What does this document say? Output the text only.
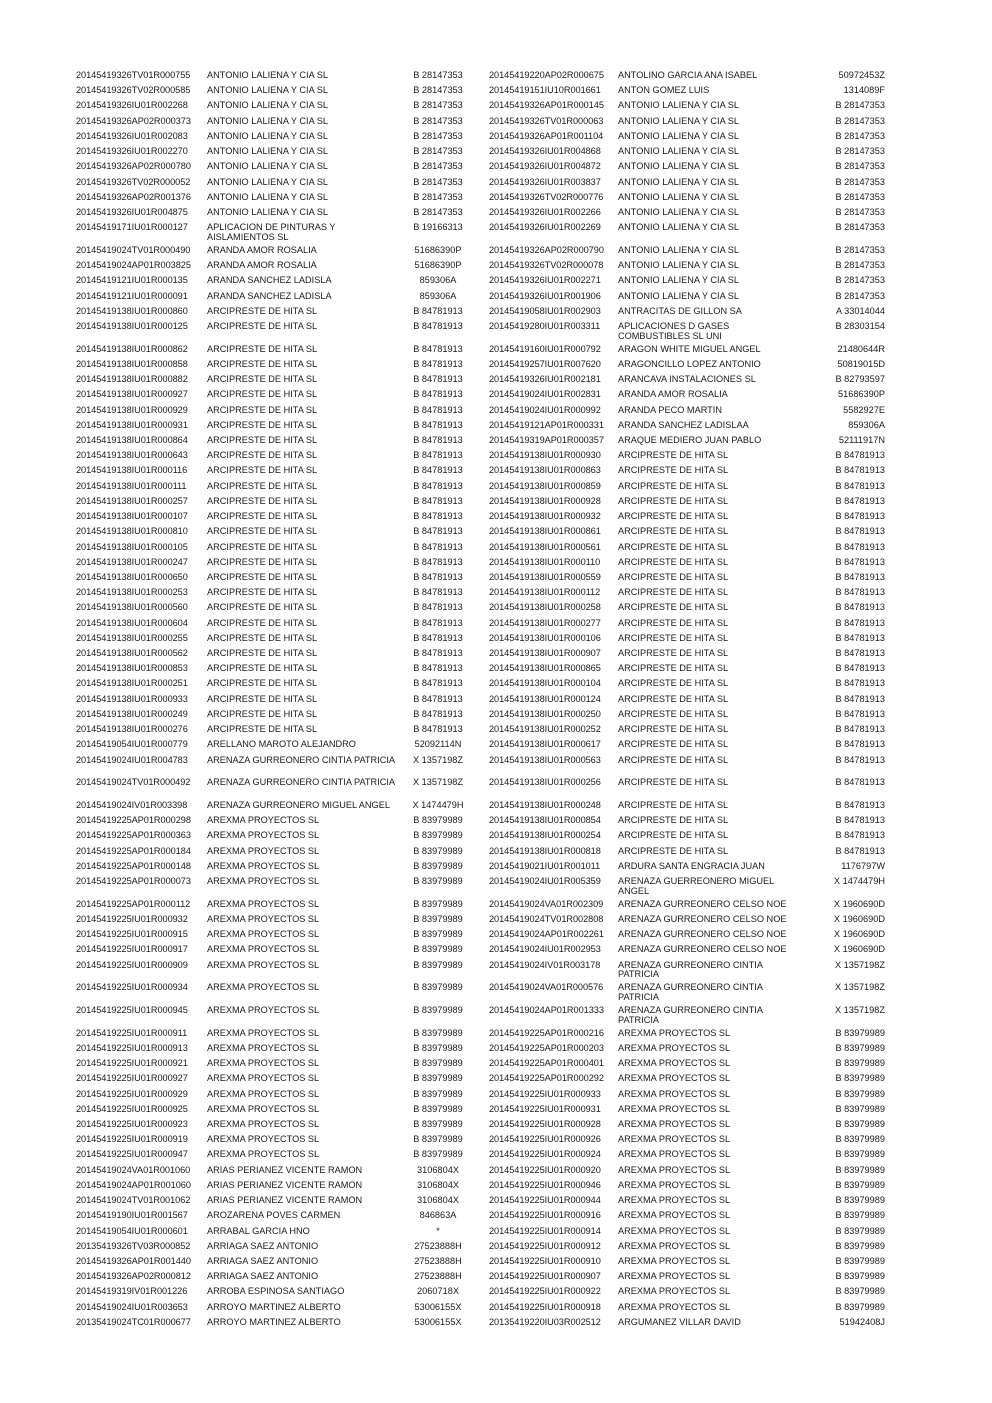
20145419326TV01R000755	ANTONIO LALIENA Y CIA SL	B 28147353
20145419326TV02R000585	ANTONIO LALIENA Y CIA SL	B 28147353
20145419326IU01R002268	ANTONIO LALIENA Y CIA SL	B 28147353
20145419326AP02R000373	ANTONIO LALIENA Y CIA SL	B 28147353
20145419326IU01R002083	ANTONIO LALIENA Y CIA SL	B 28147353
20145419326IU01R002270	ANTONIO LALIENA Y CIA SL	B 28147353
20145419326AP02R000780	ANTONIO LALIENA Y CIA SL	B 28147353
20145419326TV02R000052	ANTONIO LALIENA Y CIA SL	B 28147353
20145419326AP02R001376	ANTONIO LALIENA Y CIA SL	B 28147353
20145419326IU01R004875	ANTONIO LALIENA Y CIA SL	B 28147353
20145419171IU01R000127	APLICACION DE PINTURAS Y AISLAMIENTOS SL
B 19166313
20145419024TV01R000490	ARANDA AMOR ROSALIA	51686390P
20145419024AP01R003825	ARANDA AMOR ROSALIA	51686390P
20145419121IU01R000135	ARANDA SANCHEZ LADISLA	859306A
20145419121IU01R000091	ARANDA SANCHEZ LADISLA	859306A
20145419138IU01R000860	ARCIPRESTE DE HITA SL	B 84781913
20145419138IU01R000125	ARCIPRESTE DE HITA SL	B 84781913
20145419138IU01R000862	ARCIPRESTE DE HITA SL	B 84781913
20145419138IU01R000858	ARCIPRESTE DE HITA SL	B 84781913
20145419138IU01R000882	ARCIPRESTE DE HITA SL	B 84781913
20145419138IU01R000927	ARCIPRESTE DE HITA SL	B 84781913
20145419138IU01R000929	ARCIPRESTE DE HITA SL	B 84781913
20145419138IU01R000931	ARCIPRESTE DE HITA SL	B 84781913
20145419138IU01R000864	ARCIPRESTE DE HITA SL	B 84781913
20145419138IU01R000643	ARCIPRESTE DE HITA SL	B 84781913
20145419138IU01R000116	ARCIPRESTE DE HITA SL	B 84781913
20145419138IU01R000111	ARCIPRESTE DE HITA SL	B 84781913
20145419138IU01R000257	ARCIPRESTE DE HITA SL	B 84781913
20145419138IU01R000107	ARCIPRESTE DE HITA SL	B 84781913
20145419138IU01R000810	ARCIPRESTE DE HITA SL	B 84781913
20145419138IU01R000105	ARCIPRESTE DE HITA SL	B 84781913
20145419138IU01R000247	ARCIPRESTE DE HITA SL	B 84781913
20145419138IU01R000650	ARCIPRESTE DE HITA SL	B 84781913
20145419138IU01R000253	ARCIPRESTE DE HITA SL	B 84781913
20145419138IU01R000560	ARCIPRESTE DE HITA SL	B 84781913
20145419138IU01R000604	ARCIPRESTE DE HITA SL	B 84781913
20145419138IU01R000255	ARCIPRESTE DE HITA SL	B 84781913
20145419138IU01R000562	ARCIPRESTE DE HITA SL	B 84781913
20145419138IU01R000853	ARCIPRESTE DE HITA SL	B 84781913
20145419138IU01R000251	ARCIPRESTE DE HITA SL	B 84781913
20145419138IU01R000933	ARCIPRESTE DE HITA SL	B 84781913
20145419138IU01R000249	ARCIPRESTE DE HITA SL	B 84781913
20145419138IU01R000276	ARCIPRESTE DE HITA SL	B 84781913
20145419054IU01R000779	ARELLANO MAROTO ALEJANDRO	52092114N
20145419024IU01R004783	ARENAZA GURREONERO CINTIA PATRICIA	X 1357198Z
20145419024TV01R000492	ARENAZA GURREONERO CINTIA PATRICIA	X 1357198Z
20145419024IV01R003398	ARENAZA GURREONERO MIGUEL ANGEL	X 1474479H
20145419225AP01R000298	AREXMA PROYECTOS SL	B 83979989
20145419225AP01R000363	AREXMA PROYECTOS SL	B 83979989
20145419225AP01R000184	AREXMA PROYECTOS SL	B 83979989
20145419225AP01R000148	AREXMA PROYECTOS SL	B 83979989
20145419225AP01R000073	AREXMA PROYECTOS SL	B 83979989
20145419225AP01R000112	AREXMA PROYECTOS SL	B 83979989
20145419225IU01R000932	AREXMA PROYECTOS SL	B 83979989
20145419225IU01R000915	AREXMA PROYECTOS SL	B 83979989
20145419225IU01R000917	AREXMA PROYECTOS SL	B 83979989
20145419225IU01R000909	AREXMA PROYECTOS SL	B 83979989
20145419225IU01R000934	AREXMA PROYECTOS SL	B 83979989
20145419225IU01R000945	AREXMA PROYECTOS SL	B 83979989
20145419225IU01R000911	AREXMA PROYECTOS SL	B 83979989
20145419225IU01R000913	AREXMA PROYECTOS SL	B 83979989
20145419225IU01R000921	AREXMA PROYECTOS SL	B 83979989
20145419225IU01R000927	AREXMA PROYECTOS SL	B 83979989
20145419225IU01R000929	AREXMA PROYECTOS SL	B 83979989
20145419225IU01R000925	AREXMA PROYECTOS SL	B 83979989
20145419225IU01R000923	AREXMA PROYECTOS SL	B 83979989
20145419225IU01R000919	AREXMA PROYECTOS SL	B 83979989
20145419225IU01R000947	AREXMA PROYECTOS SL	B 83979989
20145419024VA01R001060	ARIAS PERIAÑEZ VICENTE RAMON	3106804X
20145419024AP01R001060	ARIAS PERIAÑEZ VICENTE RAMON	3106804X
20145419024TV01R001062	ARIAS PERIAÑEZ VICENTE RAMON	3106804X
20145419190IU01R001567	AROZARENA POVES CARMEN	846863A
20145419054IU01R000601	ARRABAL GARCIA HNO	*
20135419326TV03R000852	ARRIAGA SAEZ ANTONIO	27523888H
20145419326AP01R001440	ARRIAGA SAEZ ANTONIO	27523888H
20145419326AP02R000812	ARRIAGA SAEZ ANTONIO	27523888H
20145419319IV01R001226	ARROBA ESPINOSA SANTIAGO	2060718X
20145419024IU01R003653	ARROYO MARTINEZ ALBERTO	53006155X
20135419024TC01R000677	ARROYO MARTINEZ ALBERTO	53006155X
20145419220AP02R000675	ANTOLINO GARCIA ANA ISABEL	50972453Z
20145419151IU10R001661	ANTON GOMEZ LUIS	1314089F
20145419326AP01R000145	ANTONIO LALIENA Y CIA SL	B 28147353
20145419326TV01R000063	ANTONIO LALIENA Y CIA SL	B 28147353
20145419326AP01R001104	ANTONIO LALIENA Y CIA SL	B 28147353
20145419326IU01R004868	ANTONIO LALIENA Y CIA SL	B 28147353
20145419326IU01R004872	ANTONIO LALIENA Y CIA SL	B 28147353
20145419326IU01R003837	ANTONIO LALIENA Y CIA SL	B 28147353
20145419326TV02R000776	ANTONIO LALIENA Y CIA SL	B 28147353
20145419326IU01R002266	ANTONIO LALIENA Y CIA SL	B 28147353
20145419326IU01R002269	ANTONIO LALIENA Y CIA SL	B 28147353
20145419326AP02R000790	ANTONIO LALIENA Y CIA SL	B 28147353
20145419326TV02R000078	ANTONIO LALIENA Y CIA SL	B 28147353
20145419326IU01R002271	ANTONIO LALIENA Y CIA SL	B 28147353
20145419326IU01R001906	ANTONIO LALIENA Y CIA SL	B 28147353
20145419058IU01R002903	ANTRACITAS DE GILLON SA	A 33014044
20145419280IU01R003311	APLICACIONES D GASES COMBUSTIBLES SL UNI
B 28303154
20145419160IU01R000792	ARAGON WHITE MIGUEL ANGEL	21480644R
20145419257IU01R007620	ARAGONCILLO LOPEZ ANTONIO	50819015D
20145419326IU01R002181	ARANCAVA INSTALACIONES SL	B 82793597
20145419024IU01R002831	ARANDA AMOR ROSALIA	51686390P
20145419024IU01R000992	ARANDA PECO MARTIN	5582927E
20145419121AP01R000331	ARANDA SANCHEZ LADISLAA	859306A
20145419319AP01R000357	ARAQUE MEDIERO JUAN PABLO	52111917N
20145419138IU01R000930	ARCIPRESTE DE HITA SL	B 84781913
20145419138IU01R000863	ARCIPRESTE DE HITA SL	B 84781913
20145419138IU01R000859	ARCIPRESTE DE HITA SL	B 84781913
20145419138IU01R000928	ARCIPRESTE DE HITA SL	B 84781913
20145419138IU01R000932	ARCIPRESTE DE HITA SL	B 84781913
20145419138IU01R000861	ARCIPRESTE DE HITA SL	B 84781913
20145419138IU01R000561	ARCIPRESTE DE HITA SL	B 84781913
20145419138IU01R000110	ARCIPRESTE DE HITA SL	B 84781913
20145419138IU01R000559	ARCIPRESTE DE HITA SL	B 84781913
20145419138IU01R000112	ARCIPRESTE DE HITA SL	B 84781913
20145419138IU01R000258	ARCIPRESTE DE HITA SL	B 84781913
20145419138IU01R000277	ARCIPRESTE DE HITA SL	B 84781913
20145419138IU01R000106	ARCIPRESTE DE HITA SL	B 84781913
20145419138IU01R000907	ARCIPRESTE DE HITA SL	B 84781913
20145419138IU01R000865	ARCIPRESTE DE HITA SL	B 84781913
20145419138IU01R000104	ARCIPRESTE DE HITA SL	B 84781913
20145419138IU01R000124	ARCIPRESTE DE HITA SL	B 84781913
20145419138IU01R000250	ARCIPRESTE DE HITA SL	B 84781913
20145419138IU01R000252	ARCIPRESTE DE HITA SL	B 84781913
20145419138IU01R000617	ARCIPRESTE DE HITA SL	B 84781913
20145419138IU01R000563	ARCIPRESTE DE HITA SL	B 84781913
20145419138IU01R000256	ARCIPRESTE DE HITA SL	B 84781913
20145419138IU01R000248	ARCIPRESTE DE HITA SL	B 84781913
20145419138IU01R000854	ARCIPRESTE DE HITA SL	B 84781913
20145419138IU01R000254	ARCIPRESTE DE HITA SL	B 84781913
20145419138IU01R000818	ARCIPRESTE DE HITA SL	B 84781913
20145419021IU01R001011	ARDURA SANTA ENGRACIA JUAN	1176797W
20145419024IU01R005359	ARENAZA GUERREONERO MIGUEL ANGEL
X 1474479H
20145419024VA01R002309	ARENAZA GURREONERO CELSO NOE	X 1960690D
20145419024TV01R002808	ARENAZA GURREONERO CELSO NOE	X 1960690D
20145419024AP01R002261	ARENAZA GURREONERO CELSO NOE	X 1960690D
20145419024IU01R002953	ARENAZA GURREONERO CELSO NOE	X 1960690D
20145419024IV01R003178	ARENAZA GURREONERO CINTIA PATRICIA
X 1357198Z
20145419024VA01R000576	ARENAZA GURREONERO CINTIA PATRICIA
X 1357198Z
20145419024AP01R001333	ARENAZA GURREONERO CINTIA PATRICIA
X 1357198Z
20145419225AP01R000216	AREXMA PROYECTOS SL	B 83979989
20145419225AP01R000203	AREXMA PROYECTOS SL	B 83979989
20145419225AP01R000401	AREXMA PROYECTOS SL	B 83979989
20145419225AP01R000292	AREXMA PROYECTOS SL	B 83979989
20145419225IU01R000933	AREXMA PROYECTOS SL	B 83979989
20145419225IU01R000931	AREXMA PROYECTOS SL	B 83979989
20145419225IU01R000928	AREXMA PROYECTOS SL	B 83979989
20145419225IU01R000926	AREXMA PROYECTOS SL	B 83979989
20145419225IU01R000924	AREXMA PROYECTOS SL	B 83979989
20145419225IU01R000920	AREXMA PROYECTOS SL	B 83979989
20145419225IU01R000946	AREXMA PROYECTOS SL	B 83979989
20145419225IU01R000944	AREXMA PROYECTOS SL	B 83979989
20145419225IU01R000916	AREXMA PROYECTOS SL	B 83979989
20145419225IU01R000914	AREXMA PROYECTOS SL	B 83979989
20145419225IU01R000912	AREXMA PROYECTOS SL	B 83979989
20145419225IU01R000910	AREXMA PROYECTOS SL	B 83979989
20145419225IU01R000907	AREXMA PROYECTOS SL	B 83979989
20145419225IU01R000922	AREXMA PROYECTOS SL	B 83979989
20145419225IU01R000918	AREXMA PROYECTOS SL	B 83979989
20135419220IU03R002512	ARGUMANEZ VILLAR DAVID	51942408J
